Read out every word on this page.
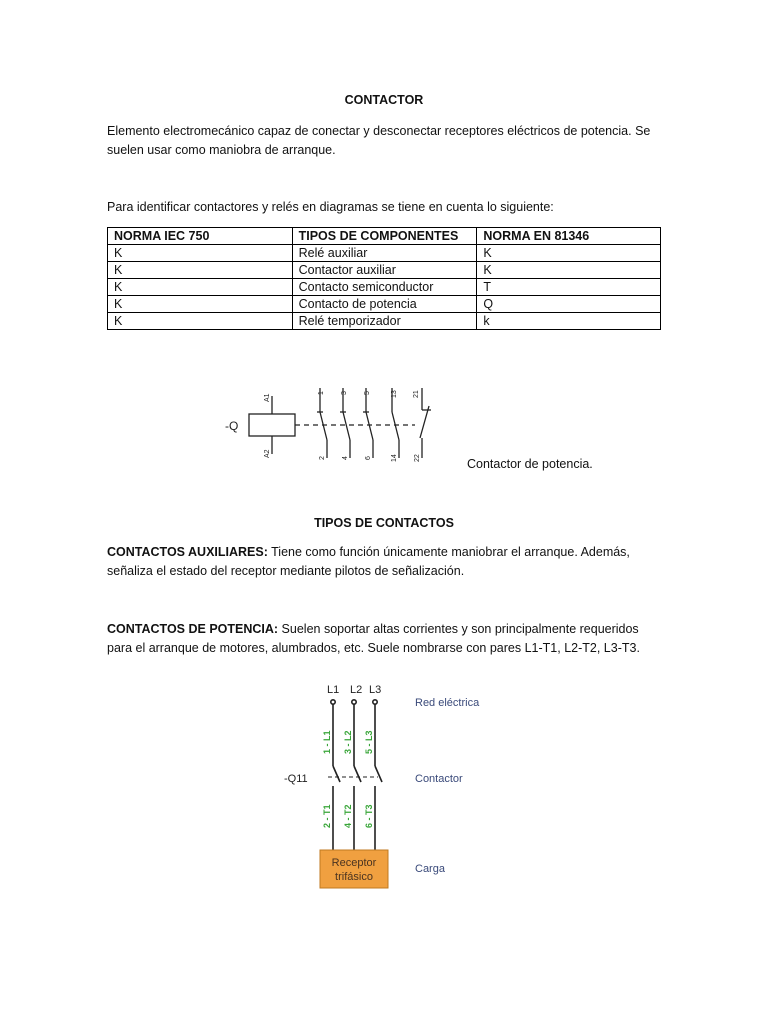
CONTACTOR
Elemento electromecánico capaz de conectar y desconectar receptores eléctricos de potencia. Se suelen usar como maniobra de arranque.
Para identificar contactores y relés en diagramas se tiene en cuenta lo siguiente:
NORMA IEC 750	TIPOS DE COMPONENTES	NORMA EN 81346
K	Relé auxiliar	K
K	Contactor auxiliar	K
K	Contacto semiconductor	T
K	Contacto de potencia	Q
K	Relé temporizador	k
-Q
A1
1 3 5	13 21
A2
2 4 6	14 22	Contactor de potencia.
TIPOS DE CONTACTOS
CONTACTOS AUXILIARES: Tiene como función únicamente maniobrar el arranque. Además, señaliza el estado del receptor mediante pilotos de señalización.
CONTACTOS DE POTENCIA: Suelen soportar altas corrientes y son principalmente requeridos para el arranque de motores, alumbrados, etc. Suele nombrarse con pares L1-T1, L2-T2, L3-T3.
L1 L2 L3
1 - L1 3 - L2 5 - L3
2 - T1 4 - T2 6 - T3
-Q11
Receptor
trifásico
Red eléctrica
Contactor
Carga
